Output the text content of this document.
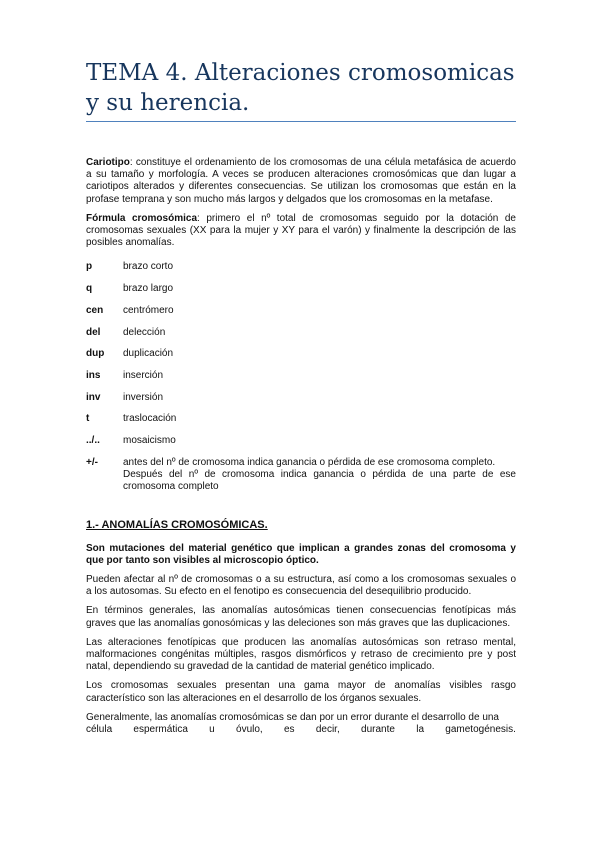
TEMA 4. Alteraciones cromosomicas y su herencia.

Cariotipo: constituye el ordenamiento de los cromosomas de una célula metafásica de acuerdo a su tamaño y morfología. A veces se producen alteraciones cromosómicas que dan lugar a cariotipos alterados y diferentes consecuencias. Se utilizan los cromosomas que están en la profase temprana y son mucho más largos y delgados que los cromosomas en la metafase.

Fórmula cromosómica: primero el nº total de cromosomas seguido por la dotación de cromosomas sexuales (XX para la mujer y XY para el varón) y finalmente la descripción de las posibles anomalías.

p	brazo corto
q	brazo largo
cen	centrómero
del	delección
dup	duplicación
ins	inserción
inv	inversión
t	traslocación
../..	mosaicismo
+/-	antes del nº de cromosoma indica ganancia o pérdida de ese cromosoma completo.
Después del nº de cromosoma indica ganancia o pérdida de una parte de ese cromosoma completo
1.- ANOMALÍAS CROMOSÓMICAS.

Son mutaciones del material genético que implican a grandes zonas del cromosoma y que por tanto son visibles al microscopio óptico.

Pueden afectar al nº de cromosomas o a su estructura, así como a los cromosomas sexuales o a los autosomas. Su efecto en el fenotipo es consecuencia del desequilibrio producido.

En términos generales, las anomalías autosómicas tienen consecuencias fenotípicas más graves que las anomalías gonosómicas y las deleciones son más graves que las duplicaciones.

Las alteraciones fenotípicas que producen las anomalías autosómicas son retraso mental, malformaciones congénitas múltiples, rasgos dismórficos y retraso de crecimiento pre y post natal, dependiendo su gravedad de la cantidad de material genético implicado.

Los cromosomas sexuales presentan una gama mayor de anomalías visibles rasgo característico son las alteraciones en el desarrollo de los órganos sexuales.

Generalmente, las anomalías cromosómicas se dan por un error durante el desarrollo de una
célula espermática u óvulo, es decir, durante la gametogénesis.
